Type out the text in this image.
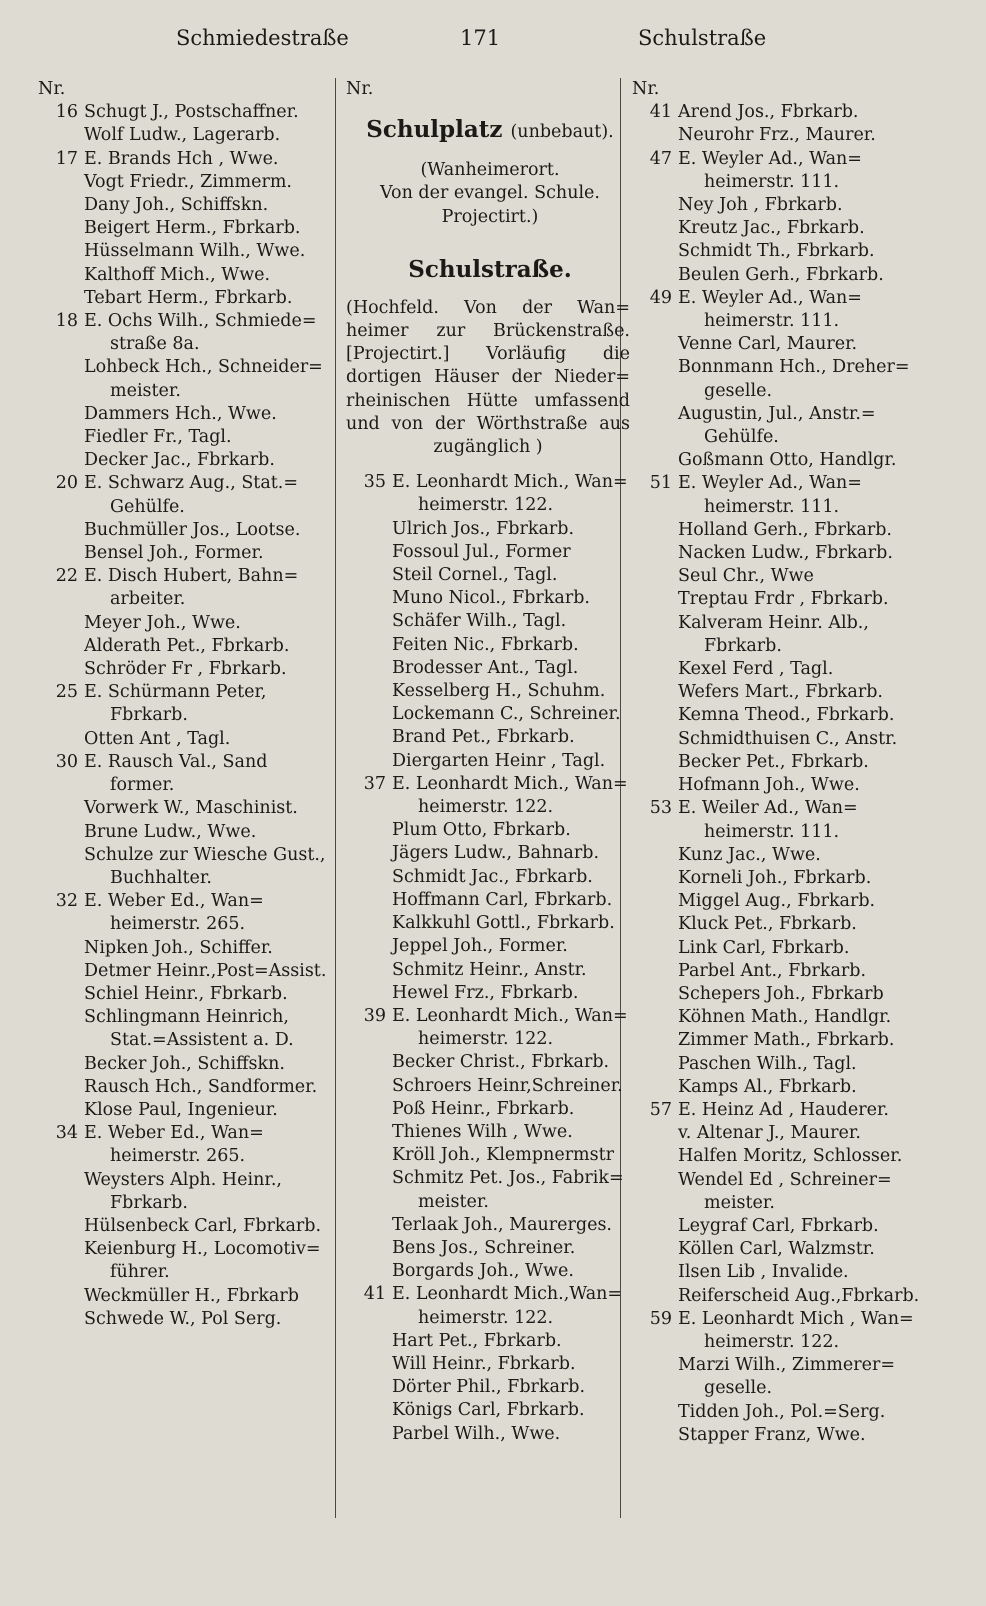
Schmiedestraße	171	Schulstraße
Nr.
16 Schugt J., Postschaffner.
Wolf Ludw., Lagerarb.
17 E. Brands Hch , Wwe.
Vogt Friedr., Zimmerm.
Dany Joh., Schiffskn.
Beigert Herm., Fbrkarb.
Hüsselmann Wilh., Wwe.
Kalthoff Mich., Wwe.
Tebart Herm., Fbrkarb.
18 E. Ochs Wilh., Schmiede=
straße 8a.
Lohbeck Hch., Schneider=
meister.
Dammers Hch., Wwe.
Fiedler Fr., Tagl.
Decker Jac., Fbrkarb.
20 E. Schwarz Aug., Stat.=
Gehülfe.
Buchmüller Jos., Lootse.
Bensel Joh., Former.
22 E. Disch Hubert, Bahn=
arbeiter.
Meyer Joh., Wwe.
Alderath Pet., Fbrkarb.
Schröder Fr , Fbrkarb.
25 E. Schürmann Peter,
Fbrkarb.
Otten Ant , Tagl.
30 E. Rausch Val., Sand
former.
Vorwerk W., Maschinist.
Brune Ludw., Wwe.
Schulze zur Wiesche Gust.,
Buchhalter.
32 E. Weber Ed., Wan=
heimerstr. 265.
Nipken Joh., Schiffer.
Detmer Heinr.,Post=Assist.
Schiel Heinr., Fbrkarb.
Schlingmann Heinrich,
Stat.=Assistent a. D.
Becker Joh., Schiffskn.
Rausch Hch., Sandformer.
Klose Paul, Ingenieur.
34 E. Weber Ed., Wan=
heimerstr. 265.
Weysters Alph. Heinr.,
Fbrkarb.
Hülsenbeck Carl, Fbrkarb.
Keienburg H., Locomotiv=
führer.
Weckmüller H., Fbrkarb
Schwede W., Pol Serg.
Nr.
Schulplatz (unbebaut).
(Wanheimerort.
Von der evangel. Schule.
Projectirt.)
Schulstraße.
(Hochfeld. Von der Wan=
heimer zur Brückenstraße.
[Projectirt.] Vorläufig die
dortigen Häuser der Nieder=
rheinischen Hütte umfassend
und von der Wörthstraße aus
zugänglich )
35 E. Leonhardt Mich., Wan=
heimerstr. 122.
Ulrich Jos., Fbrkarb.
Fossoul Jul., Former
Steil Cornel., Tagl.
Muno Nicol., Fbrkarb.
Schäfer Wilh., Tagl.
Feiten Nic., Fbrkarb.
Brodesser Ant., Tagl.
Kesselberg H., Schuhm.
Lockemann C., Schreiner.
Brand Pet., Fbrkarb.
Diergarten Heinr , Tagl.
37 E. Leonhardt Mich., Wan=
heimerstr. 122.
Plum Otto, Fbrkarb.
Jägers Ludw., Bahnarb.
Schmidt Jac., Fbrkarb.
Hoffmann Carl, Fbrkarb.
Kalkkuhl Gottl., Fbrkarb.
Jeppel Joh., Former.
Schmitz Heinr., Anstr.
Hewel Frz., Fbrkarb.
39 E. Leonhardt Mich., Wan=
heimerstr. 122.
Becker Christ., Fbrkarb.
Schroers Heinr,Schreiner.
Poß Heinr., Fbrkarb.
Thienes Wilh , Wwe.
Kröll Joh., Klempnermstr
Schmitz Pet. Jos., Fabrik=
meister.
Terlaak Joh., Maurerges.
Bens Jos., Schreiner.
Borgards Joh., Wwe.
41 E. Leonhardt Mich.,Wan=
heimerstr. 122.
Hart Pet., Fbrkarb.
Will Heinr., Fbrkarb.
Dörter Phil., Fbrkarb.
Königs Carl, Fbrkarb.
Parbel Wilh., Wwe.
Nr.
41 Arend Jos., Fbrkarb.
Neurohr Frz., Maurer.
47 E. Weyler Ad., Wan=
heimerstr. 111.
Ney Joh , Fbrkarb.
Kreutz Jac., Fbrkarb.
Schmidt Th., Fbrkarb.
Beulen Gerh., Fbrkarb.
49 E. Weyler Ad., Wan=
heimerstr. 111.
Venne Carl, Maurer.
Bonnmann Hch., Dreher=
geselle.
Augustin, Jul., Anstr.=
Gehülfe.
Goßmann Otto, Handlgr.
51 E. Weyler Ad., Wan=
heimerstr. 111.
Holland Gerh., Fbrkarb.
Nacken Ludw., Fbrkarb.
Seul Chr., Wwe
Treptau Frdr , Fbrkarb.
Kalveram Heinr. Alb.,
Fbrkarb.
Kexel Ferd , Tagl.
Wefers Mart., Fbrkarb.
Kemna Theod., Fbrkarb.
Schmidthuisen C., Anstr.
Becker Pet., Fbrkarb.
Hofmann Joh., Wwe.
53 E. Weiler Ad., Wan=
heimerstr. 111.
Kunz Jac., Wwe.
Korneli Joh., Fbrkarb.
Miggel Aug., Fbrkarb.
Kluck Pet., Fbrkarb.
Link Carl, Fbrkarb.
Parbel Ant., Fbrkarb.
Schepers Joh., Fbrkarb
Köhnen Math., Handlgr.
Zimmer Math., Fbrkarb.
Paschen Wilh., Tagl.
Kamps Al., Fbrkarb.
57 E. Heinz Ad , Hauderer.
v. Altenar J., Maurer.
Halfen Moritz, Schlosser.
Wendel Ed , Schreiner=
meister.
Leygraf Carl, Fbrkarb.
Köllen Carl, Walzmstr.
Ilsen Lib , Invalide.
Reiferscheid Aug.,Fbrkarb.
59 E. Leonhardt Mich , Wan=
heimerstr. 122.
Marzi Wilh., Zimmerer=
geselle.
Tidden Joh., Pol.=Serg.
Stapper Franz, Wwe.
